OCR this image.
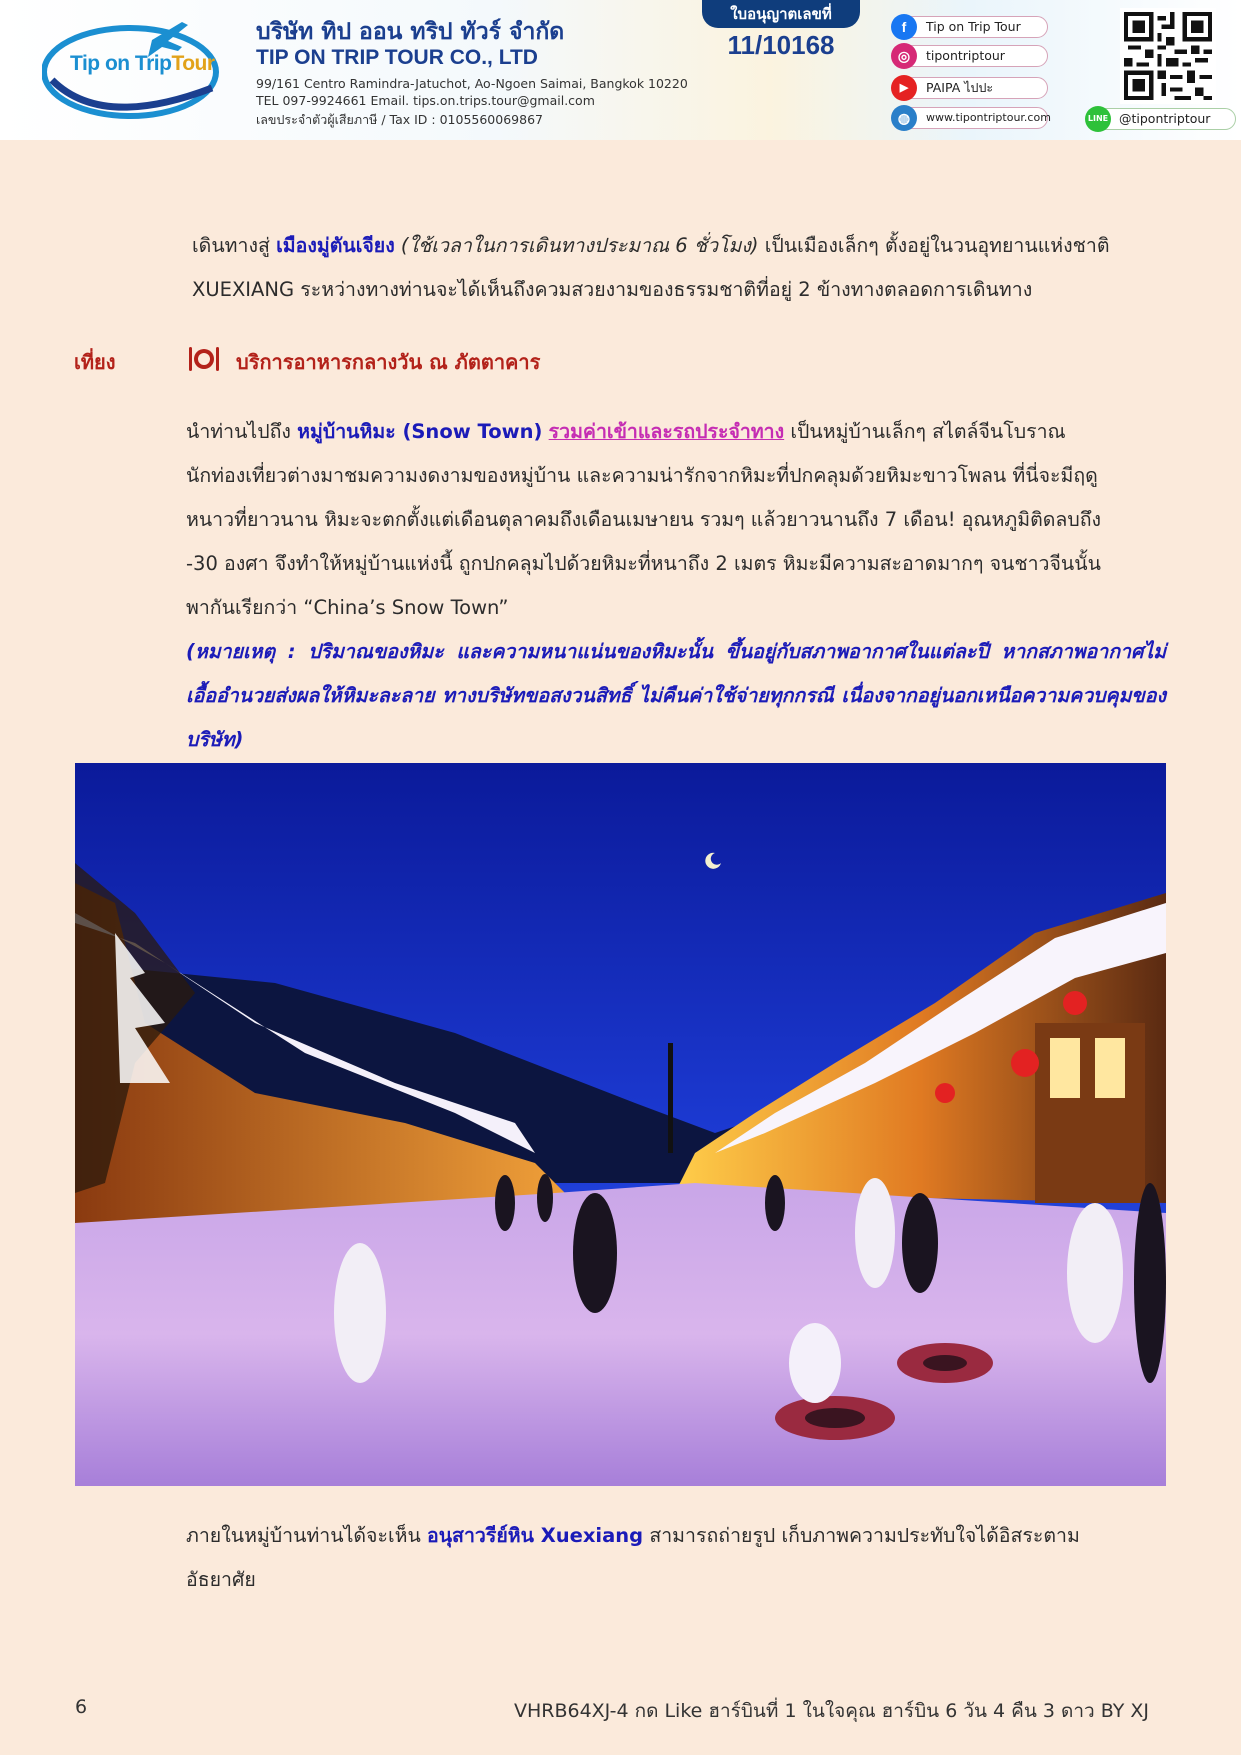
Tip on TripTour
บริษัท ทิป ออน ทริป ทัวร์ จำกัด
TIP ON TRIP TOUR CO., LTD
99/161 Centro Ramindra-Jatuchot, Ao-Ngoen Saimai, Bangkok 10220
TEL 097-9924661 Email. tips.on.trips.tour@gmail.com
เลขประจำตัวผู้เสียภาษี / Tax ID : 0105560069867
ใบอนุญาตเลขที่
11/10168
f	Tip on Trip Tour
◎	tipontriptour
▶	PAIPA ไปปะ
◍	www.tipontriptour.com	LINE @tipontriptour
เดินทางสู่ เมืองมู่ตันเจียง (ใช้เวลาในการเดินทางประมาณ 6 ชั่วโมง) เป็นเมืองเล็กๆ ตั้งอยู่ในวนอุทยานแห่งชาติ
XUEXIANG ระหว่างทางท่านจะได้เห็นถึงควมสวยงามของธรรมชาติที่อยู่ 2 ข้างทางตลอดการเดินทาง
เที่ยง	บริการอาหารกลางวัน ณ ภัตตาคาร
นำท่านไปถึง หมู่บ้านหิมะ (Snow Town) รวมค่าเข้าและรถประจำทาง เป็นหมู่บ้านเล็กๆ สไตล์จีนโบราณ
นักท่องเที่ยวต่างมาชมความงดงามของหมู่บ้าน และความน่ารักจากหิมะที่ปกคลุมด้วยหิมะขาวโพลน ที่นี่จะมีฤดู
หนาวที่ยาวนาน หิมะจะตกตั้งแต่เดือนตุลาคมถึงเดือนเมษายน รวมๆ แล้วยาวนานถึง 7 เดือน! อุณหภูมิติดลบถึง
-30 องศา จึงทำให้หมู่บ้านแห่งนี้ ถูกปกคลุมไปด้วยหิมะที่หนาถึง 2 เมตร หิมะมีความสะอาดมากๆ จนชาวจีนนั้น
พากันเรียกว่า “China’s Snow Town”
(หมายเหตุ : ปริมาณของหิมะ และความหนาแน่นของหิมะนั้น ขึ้นอยู่กับสภาพอากาศในแต่ละปี หากสภาพอากาศไม่เอื้ออำนวยส่งผลให้หิมะละลาย ทางบริษัทขอสงวนสิทธิ์ ไม่คืนค่าใช้จ่ายทุกกรณี เนื่องจากอยู่นอกเหนือความควบคุมของบริษัท)
ภายในหมู่บ้านท่านได้จะเห็น อนุสาวรีย์หิน Xuexiang สามารถถ่ายรูป เก็บภาพความประทับใจได้อิสระตาม
อัธยาศัย
6	VHRB64XJ-4 กด Like ฮาร์บินที่ 1 ในใจคุณ ฮาร์บิน 6 วัน 4 คืน 3 ดาว BY XJ
